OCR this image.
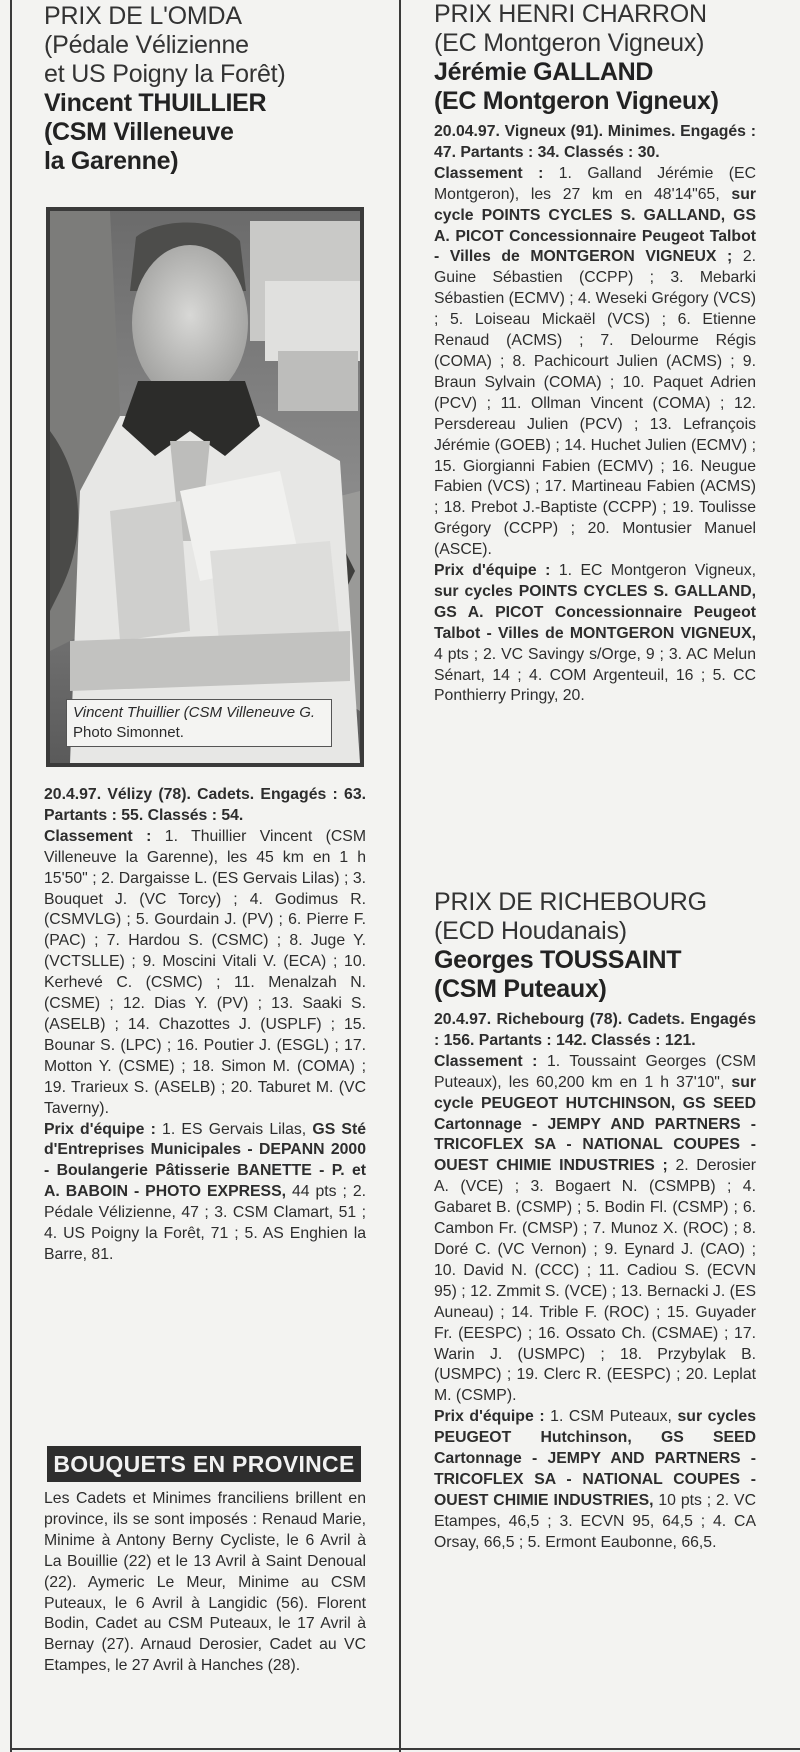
PRIX DE L'OMDA
(Pédale Vélizienne
et US Poigny la Forêt)
Vincent THUILLIER
(CSM Villeneuve
la Garenne)
Vincent Thuillier (CSM Villeneuve G. Photo Simonnet.

20.4.97. Vélizy (78). Cadets. Engagés : 63. Partants : 55. Classés : 54.

Classement : 1. Thuillier Vincent (CSM Villeneuve la Garenne), les 45 km en 1 h 15'50" ; 2. Dargaisse L. (ES Gervais Lilas) ; 3. Bouquet J. (VC Torcy) ; 4. Godimus R. (CSMVLG) ; 5. Gourdain J. (PV) ; 6. Pierre F. (PAC) ; 7. Hardou S. (CSMC) ; 8. Juge Y. (VCTSLLE) ; 9. Moscini Vitali V. (ECA) ; 10. Kerhevé C. (CSMC) ; 11. Menalzah N. (CSME) ; 12. Dias Y. (PV) ; 13. Saaki S. (ASELB) ; 14. Chazottes J. (USPLF) ; 15. Bounar S. (LPC) ; 16. Poutier J. (ESGL) ; 17. Motton Y. (CSME) ; 18. Simon M. (COMA) ; 19. Trarieux S. (ASELB) ; 20. Taburet M. (VC Taverny).

Prix d'équipe : 1. ES Gervais Lilas, GS Sté d'Entreprises Municipales - DEPANN 2000 - Boulangerie Pâtisserie BANETTE - P. et A. BABOIN - PHOTO EXPRESS, 44 pts ; 2. Pédale Vélizienne, 47 ; 3. CSM Clamart, 51 ; 4. US Poigny la Forêt, 71 ; 5. AS Enghien la Barre, 81.

BOUQUETS EN PROVINCE

Les Cadets et Minimes franciliens brillent en province, ils se sont imposés : Renaud Marie, Minime à Antony Berny Cycliste, le 6 Avril à La Bouillie (22) et le 13 Avril à Saint Denoual (22). Aymeric Le Meur, Minime au CSM Puteaux, le 6 Avril à Langidic (56). Florent Bodin, Cadet au CSM Puteaux, le 17 Avril à Bernay (27). Arnaud Derosier, Cadet au VC Etampes, le 27 Avril à Hanches (28).

PRIX HENRI CHARRON
(EC Montgeron Vigneux)
Jérémie GALLAND
(EC Montgeron Vigneux)

20.04.97. Vigneux (91). Minimes. Engagés : 47. Partants : 34. Classés : 30.

Classement : 1. Galland Jérémie (EC Montgeron), les 27 km en 48'14"65, sur cycle POINTS CYCLES S. GALLAND, GS A. PICOT Concessionnaire Peugeot Talbot - Villes de MONTGERON VIGNEUX ; 2. Guine Sébastien (CCPP) ; 3. Mebarki Sébastien (ECMV) ; 4. Weseki Grégory (VCS) ; 5. Loiseau Mickaël (VCS) ; 6. Etienne Renaud (ACMS) ; 7. Delourme Régis (COMA) ; 8. Pachicourt Julien (ACMS) ; 9. Braun Sylvain (COMA) ; 10. Paquet Adrien (PCV) ; 11. Ollman Vincent (COMA) ; 12. Persdereau Julien (PCV) ; 13. Lefrançois Jérémie (GOEB) ; 14. Huchet Julien (ECMV) ; 15. Giorgianni Fabien (ECMV) ; 16. Neugue Fabien (VCS) ; 17. Martineau Fabien (ACMS) ; 18. Prebot J.-Baptiste (CCPP) ; 19. Toulisse Grégory (CCPP) ; 20. Montusier Manuel (ASCE).

Prix d'équipe : 1. EC Montgeron Vigneux, sur cycles POINTS CYCLES S. GALLAND, GS A. PICOT Concessionnaire Peugeot Talbot - Villes de MONTGERON VIGNEUX, 4 pts ; 2. VC Savingy s/Orge, 9 ; 3. AC Melun Sénart, 14 ; 4. COM Argenteuil, 16 ; 5. CC Ponthierry Pringy, 20.

PRIX DE RICHEBOURG
(ECD Houdanais)
Georges TOUSSAINT
(CSM Puteaux)

20.4.97. Richebourg (78). Cadets. Engagés : 156. Partants : 142. Classés : 121.

Classement : 1. Toussaint Georges (CSM Puteaux), les 60,200 km en 1 h 37'10", sur cycle PEUGEOT HUTCHINSON, GS SEED Cartonnage - JEMPY AND PARTNERS - TRICOFLEX SA - NATIONAL COUPES - OUEST CHIMIE INDUSTRIES ; 2. Derosier A. (VCE) ; 3. Bogaert N. (CSMPB) ; 4. Gabaret B. (CSMP) ; 5. Bodin Fl. (CSMP) ; 6. Cambon Fr. (CMSP) ; 7. Munoz X. (ROC) ; 8. Doré C. (VC Vernon) ; 9. Eynard J. (CAO) ; 10. David N. (CCC) ; 11. Cadiou S. (ECVN 95) ; 12. Zmmit S. (VCE) ; 13. Bernacki J. (ES Auneau) ; 14. Trible F. (ROC) ; 15. Guyader Fr. (EESPC) ; 16. Ossato Ch. (CSMAE) ; 17. Warin J. (USMPC) ; 18. Przybylak B. (USMPC) ; 19. Clerc R. (EESPC) ; 20. Leplat M. (CSMP).

Prix d'équipe : 1. CSM Puteaux, sur cycles PEUGEOT Hutchinson, GS SEED Cartonnage - JEMPY AND PARTNERS - TRICOFLEX SA - NATIONAL COUPES - OUEST CHIMIE INDUSTRIES, 10 pts ; 2. VC Etampes, 46,5 ; 3. ECVN 95, 64,5 ; 4. CA Orsay, 66,5 ; 5. Ermont Eaubonne, 66,5.
